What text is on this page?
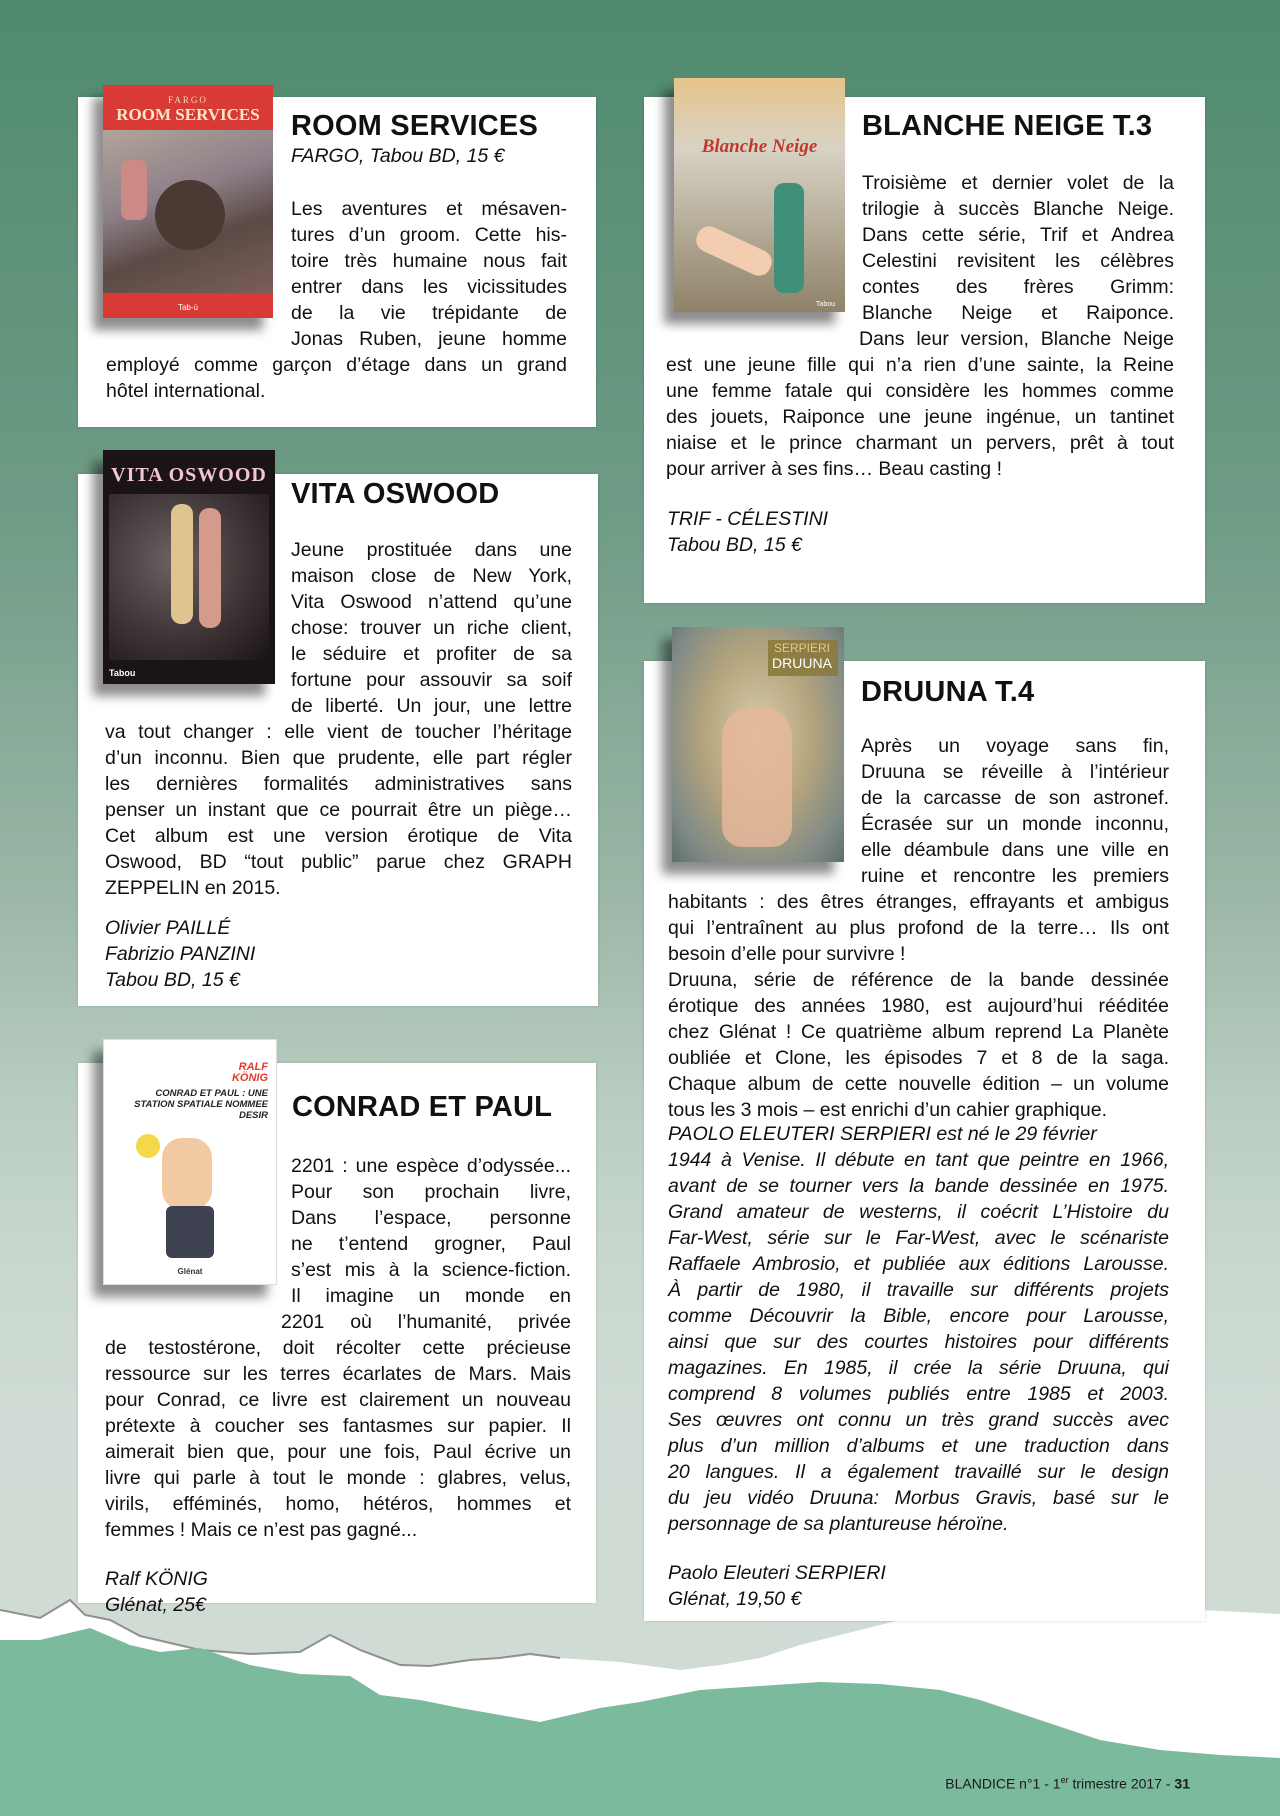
FARGO
ROOM SERVICES
Tab-ù
ROOM SERVICES
FARGO, Tabou BD, 15 €
Les aventures et mésaven-
tures d’un groom. Cette his-
toire très humaine nous fait
entrer dans les vicissitudes
de la vie trépidante de
Jonas Ruben, jeune homme
employé comme garçon d’étage dans un grand
hôtel international.
VITA OSWOOD
Tabou
VITA OSWOOD
Jeune prostituée dans une
maison close de New York,
Vita Oswood n’attend qu’une
chose: trouver un riche client,
le séduire et profiter de sa
fortune pour assouvir sa soif
de liberté. Un jour, une lettre
va tout changer : elle vient de toucher l’héritage
d’un inconnu. Bien que prudente, elle part régler
les dernières formalités administratives sans
penser un instant que ce pourrait être un piège…
Cet album est une version érotique de Vita
Oswood, BD “tout public” parue chez GRAPH
ZEPPELIN en 2015.
Olivier PAILLÉ
Fabrizio PANZINI
Tabou BD, 15 €
RALF KÖNIG
CONRAD ET PAUL : UNE STATION SPATIALE NOMMEE DESIR
Glénat
CONRAD ET PAUL
2201 : une espèce d’odyssée...
Pour son prochain livre,
Dans l’espace, personne
ne t’entend grogner, Paul
s’est mis à la science-fiction.
Il imagine un monde en
2201 où l’humanité, privée
de testostérone, doit récolter cette précieuse
ressource sur les terres écarlates de Mars. Mais
pour Conrad, ce livre est clairement un nouveau
prétexte à coucher ses fantasmes sur papier. Il
aimerait bien que, pour une fois, Paul écrive un
livre qui parle à tout le monde : glabres, velus,
virils, efféminés, homo, hétéros, hommes et
femmes ! Mais ce n’est pas gagné...
Ralf KÖNIG
Glénat, 25€
Blanche Neige
Tabou
BLANCHE NEIGE T.3
Troisième et dernier volet de la
trilogie à succès Blanche Neige.
Dans cette série, Trif et Andrea
Celestini revisitent les célèbres
contes des frères Grimm:
Blanche Neige et Raiponce.
Dans leur version, Blanche Neige
est une jeune fille qui n’a rien d’une sainte, la Reine
une femme fatale qui considère les hommes comme
des jouets, Raiponce une jeune ingénue, un tantinet
niaise et le prince charmant un pervers, prêt à tout
pour arriver à ses fins… Beau casting !
TRIF - CÉLESTINI
Tabou BD, 15 €
SERPIERI
DRUUNA
DRUUNA T.4
Après un voyage sans fin,
Druuna se réveille à l’intérieur
de la carcasse de son astronef.
Écrasée sur un monde inconnu,
elle déambule dans une ville en
ruine et rencontre les premiers
habitants : des êtres étranges, effrayants et ambigus
qui l’entraînent au plus profond de la terre… Ils ont
besoin d’elle pour survivre !
Druuna, série de référence de la bande dessinée
érotique des années 1980, est aujourd’hui rééditée
chez Glénat ! Ce quatrième album reprend La Planète
oubliée et Clone, les épisodes 7 et 8 de la saga.
Chaque album de cette nouvelle édition – un volume
tous les 3 mois – est enrichi d’un cahier graphique.
PAOLO ELEUTERI SERPIERI est né le 29 février
1944 à Venise. Il débute en tant que peintre en 1966,
avant de se tourner vers la bande dessinée en 1975.
Grand amateur de westerns, il coécrit L’Histoire du
Far-West, série sur le Far-West, avec le scénariste
Raffaele Ambrosio, et publiée aux éditions Larousse.
À partir de 1980, il travaille sur différents projets
comme Découvrir la Bible, encore pour Larousse,
ainsi que sur des courtes histoires pour différents
magazines. En 1985, il crée la série Druuna, qui
comprend 8 volumes publiés entre 1985 et 2003.
Ses œuvres ont connu un très grand succès avec
plus d’un million d’albums et une traduction dans
20 langues. Il a également travaillé sur le design
du jeu vidéo Druuna: Morbus Gravis, basé sur le
personnage de sa plantureuse héroïne.
Paolo Eleuteri SERPIERI
Glénat, 19,50 €
BLANDICE n°1 - 1er trimestre 2017 - 31
